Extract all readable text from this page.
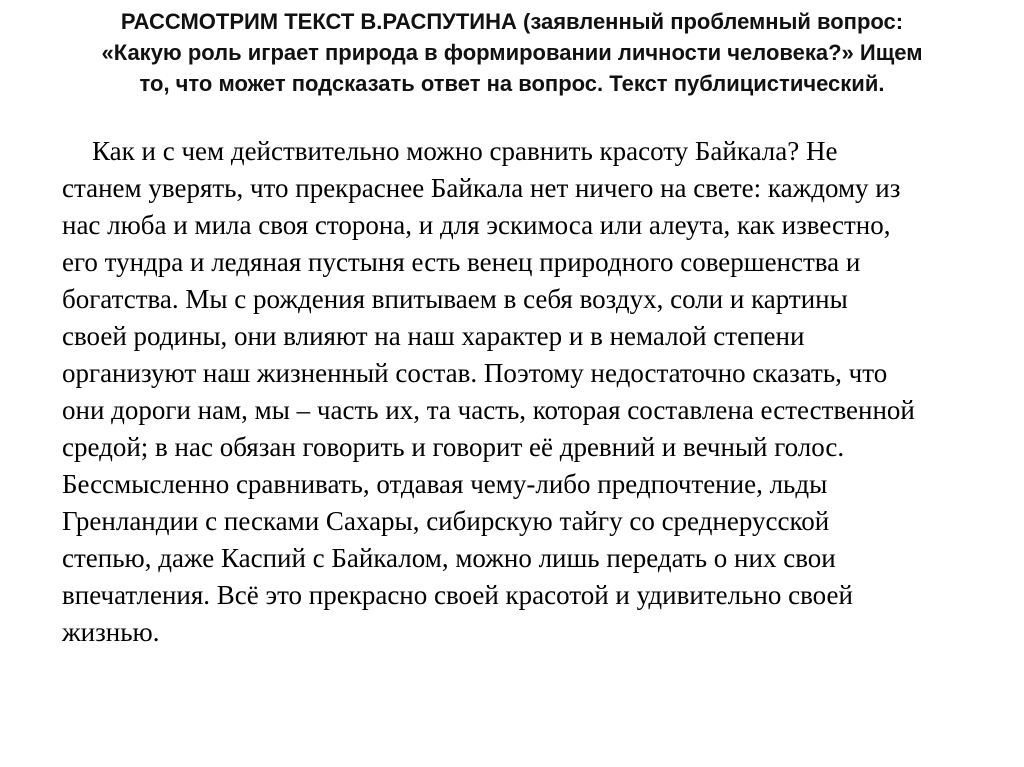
РАССМОТРИМ ТЕКСТ В.РАСПУТИНА (заявленный проблемный вопрос:
«Какую роль играет природа в формировании личности человека?» Ищем
то, что может подсказать ответ на вопрос. Текст публицистический.
Как и с чем действительно можно сравнить красоту Байкала? Не
станем уверять, что прекраснее Байкала нет ничего на свете: каждому из
нас люба и мила своя сторона, и для эскимоса или алеута, как известно,
его тундра и ледяная пустыня есть венец природного совершенства и
богатства. Мы с рождения впитываем в себя воздух, соли и картины
своей родины, они влияют на наш характер и в немалой степени
организуют наш жизненный состав. Поэтому недостаточно сказать, что
они дороги нам, мы – часть их, та часть, которая составлена естественной
средой; в нас обязан говорить и говорит её древний и вечный голос.
Бессмысленно сравнивать, отдавая чему-либо предпочтение, льды
Гренландии с песками Сахары, сибирскую тайгу со среднерусской
степью, даже Каспий с Байкалом, можно лишь передать о них свои
впечатления. Всё это прекрасно своей красотой и удивительно своей
жизнью.
